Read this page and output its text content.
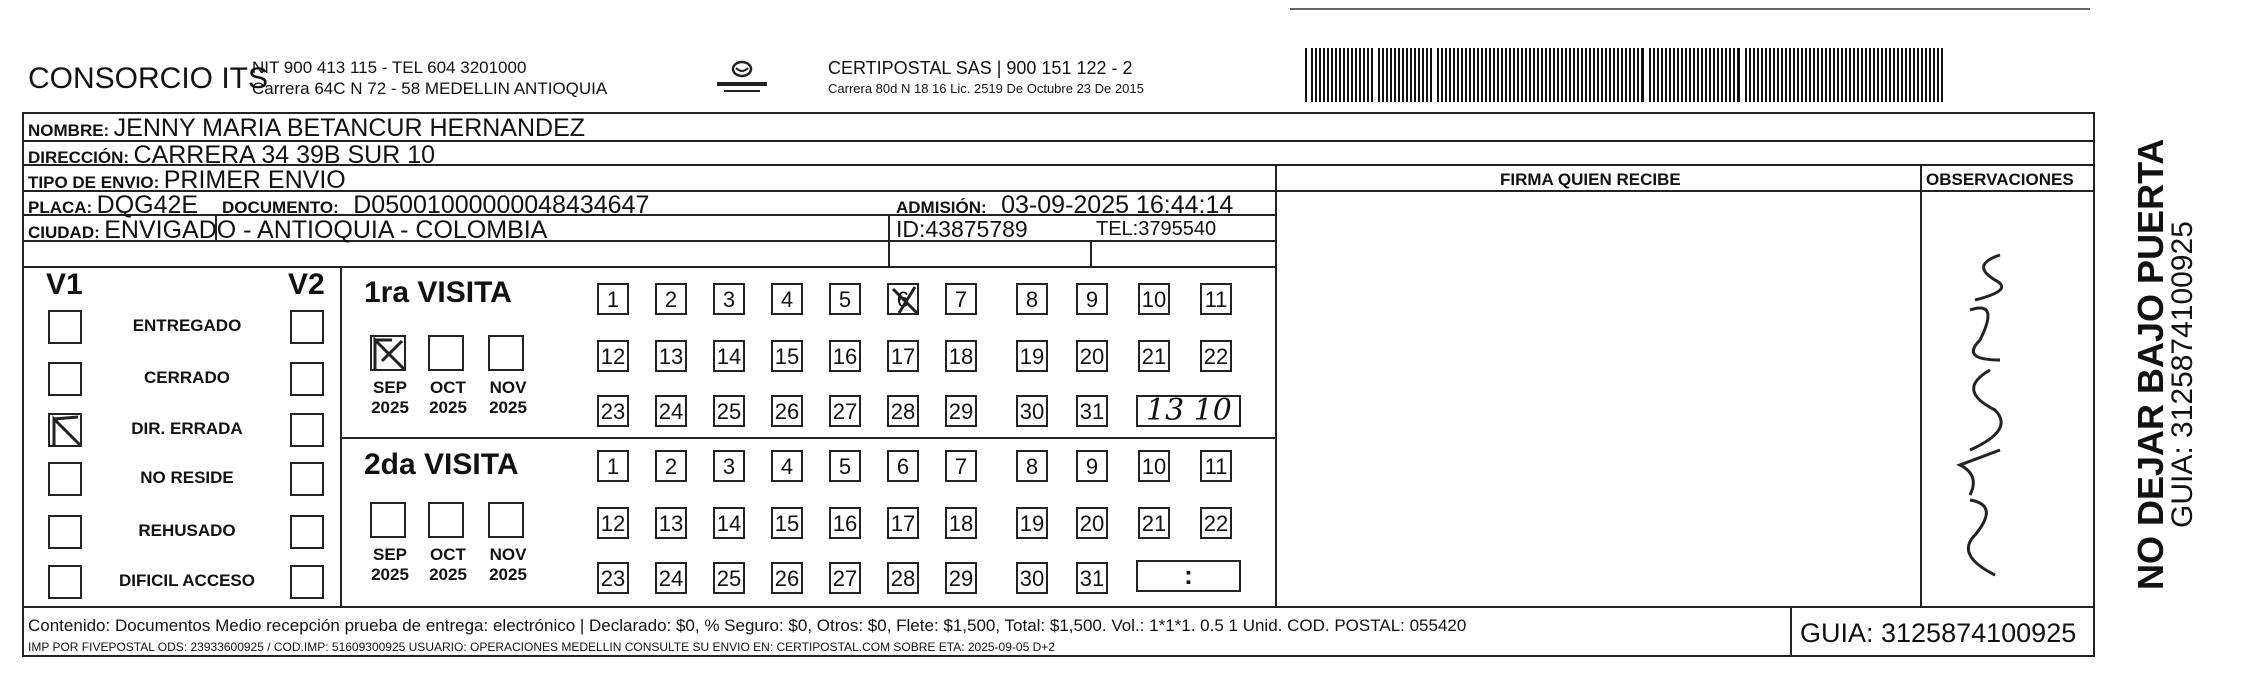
CONSORCIO ITS
NIT 900 413 115 - TEL 604 3201000
Carrera 64C N 72 - 58 MEDELLIN ANTIOQUIA
CERTIPOSTAL SAS | 900 151 122 - 2
Carrera 80d N 18 16 Lic. 2519 De Octubre 23 De 2015
NOMBRE: JENNY MARIA BETANCUR HERNANDEZ
DIRECCIÓN: CARRERA 34 39B SUR 10
TIPO DE ENVIO: PRIMER ENVIO	FIRMA QUIEN RECIBE	OBSERVACIONES
PLACA: DQG42E DOCUMENTO: D05001000000048434647	ADMISIÓN: 03-09-2025 16:44:14
CIUDAD: ENVIGADO - ANTIOQUIA - COLOMBIA	ID:43875789	TEL:3795540
V1	V2
ENTREGADO
CERRADO
DIR. ERRADA
NO RESIDE
REHUSADO
DIFICIL ACCESO
1ra VISITA
2da VISITA
SEP
2025
OCT
2025
NOV
2025
1	2	3	4	5	6	7	8	9	10 11
12 13 14 15 16 17 18 19 20 21 22
23 24 25 26 27 28 29 30 31
SEP
2025
OCT
2025
NOV
2025
1	2	3	4	5	6	7	8	9	10 11
12 13 14 15 16 17 18 19 20 21 22
23 24 25 26 27 28 29 30 31
13 10
:	NO DEJAR BAJO PUERTA
GUIA: 3125874100925
Contenido: Documentos Medio recepción prueba de entrega: electrónico | Declarado: $0, % Seguro: $0, Otros: $0, Flete: $1,500, Total: $1,500. Vol.: 1*1*1. 0.5 1 Unid. COD. POSTAL: 055420
IMP POR FIVEPOSTAL ODS: 23933600925 / COD.IMP: 51609300925 USUARIO: OPERACIONES MEDELLIN CONSULTE SU ENVIO EN: CERTIPOSTAL.COM SOBRE ETA: 2025-09-05 D+2	GUIA: 3125874100925
